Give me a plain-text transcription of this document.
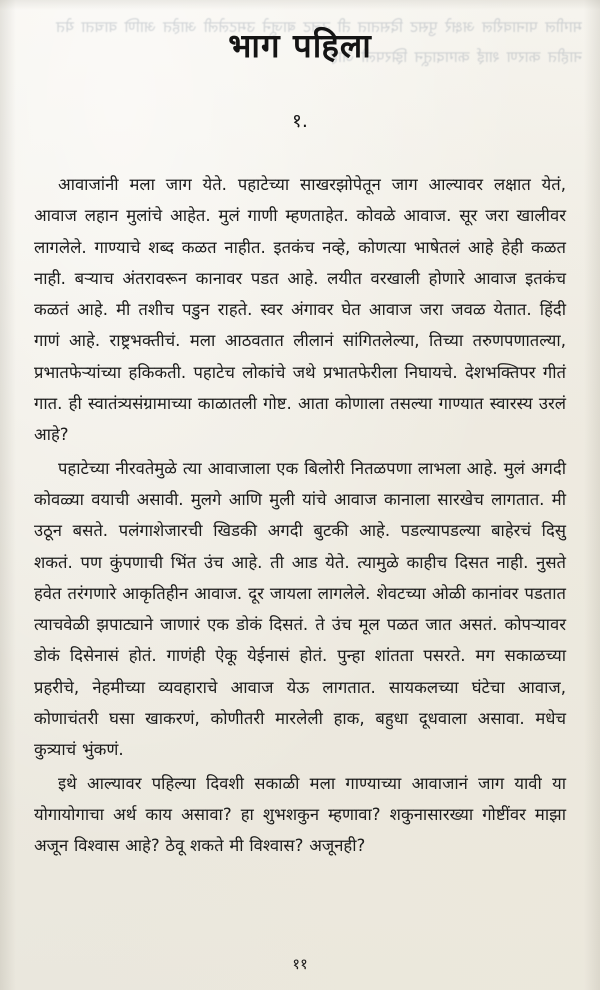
मागील पानावरील अक्षरे पुसट दिसतात ती उलट बाजूने उमटलेली आहेत आणि वाचता येत नाहीत कारण शाई कागदातून झिरपली आहे
भाग पहिला
१.

आवाजांनी मला जाग येते. पहाटेच्या साखरझोपेतून जाग आल्यावर लक्षात येतं, आवाज लहान मुलांचे आहेत. मुलं गाणी म्हणताहेत. कोवळे आवाज. सूर जरा खालीवर लागलेले. गाण्याचे शब्द कळत नाहीत. इतकंच नव्हे, कोणत्या भाषेतलं आहे हेही कळत नाही. बऱ्याच अंतरावरून कानावर पडत आहे. लयीत वरखाली होणारे आवाज इतकंच कळतं आहे. मी तशीच पडुन राहते. स्वर अंगावर घेत आवाज जरा जवळ येतात. हिंदी गाणं आहे. राष्ट्रभक्तीचं. मला आठवतात लीलानं सांगितलेल्या, तिच्या तरुणपणातल्या, प्रभातफेऱ्यांच्या हकिकती. पहाटेच लोकांचे जथे प्रभातफेरीला निघायचे. देशभक्तिपर गीतं गात. ही स्वातंत्र्यसंग्रामाच्या काळातली गोष्ट. आता कोणाला तसल्या गाण्यात स्वारस्य उरलं आहे?

पहाटेच्या नीरवतेमुळे त्या आवाजाला एक बिलोरी नितळपणा लाभला आहे. मुलं अगदी कोवळ्या वयाची असावी. मुलगे आणि मुली यांचे आवाज कानाला सारखेच लागतात. मी उठून बसते. पलंगाशेजारची खिडकी अगदी बुटकी आहे. पडल्यापडल्या बाहेरचं दिसु शकतं. पण कुंपणाची भिंत उंच आहे. ती आड येते. त्यामुळे काहीच दिसत नाही. नुसते हवेत तरंगणारे आकृतिहीन आवाज. दूर जायला लागलेले. शेवटच्या ओळी कानांवर पडतात त्याचवेळी झपाट्याने जाणारं एक डोकं दिसतं. ते उंच मूल पळत जात असतं. कोपऱ्यावर डोकं दिसेनासं होतं. गाणंही ऐकू येईनासं होतं. पुन्हा शांतता पसरते. मग सकाळच्या प्रहरीचे, नेहमीच्या व्यवहाराचे आवाज येऊ लागतात. सायकलच्या घंटेचा आवाज, कोणाचंतरी घसा खाकरणं, कोणीतरी मारलेली हाक, बहुधा दूधवाला असावा. मधेच कुत्र्याचं भुंकणं.

इथे आल्यावर पहिल्या दिवशी सकाळी मला गाण्याच्या आवाजानं जाग यावी या योगायोगाचा अर्थ काय असावा? हा शुभशकुन म्हणावा? शकुनासारख्या गोष्टींवर माझा अजून विश्वास आहे? ठेवू शकते मी विश्वास? अजूनही?

११
